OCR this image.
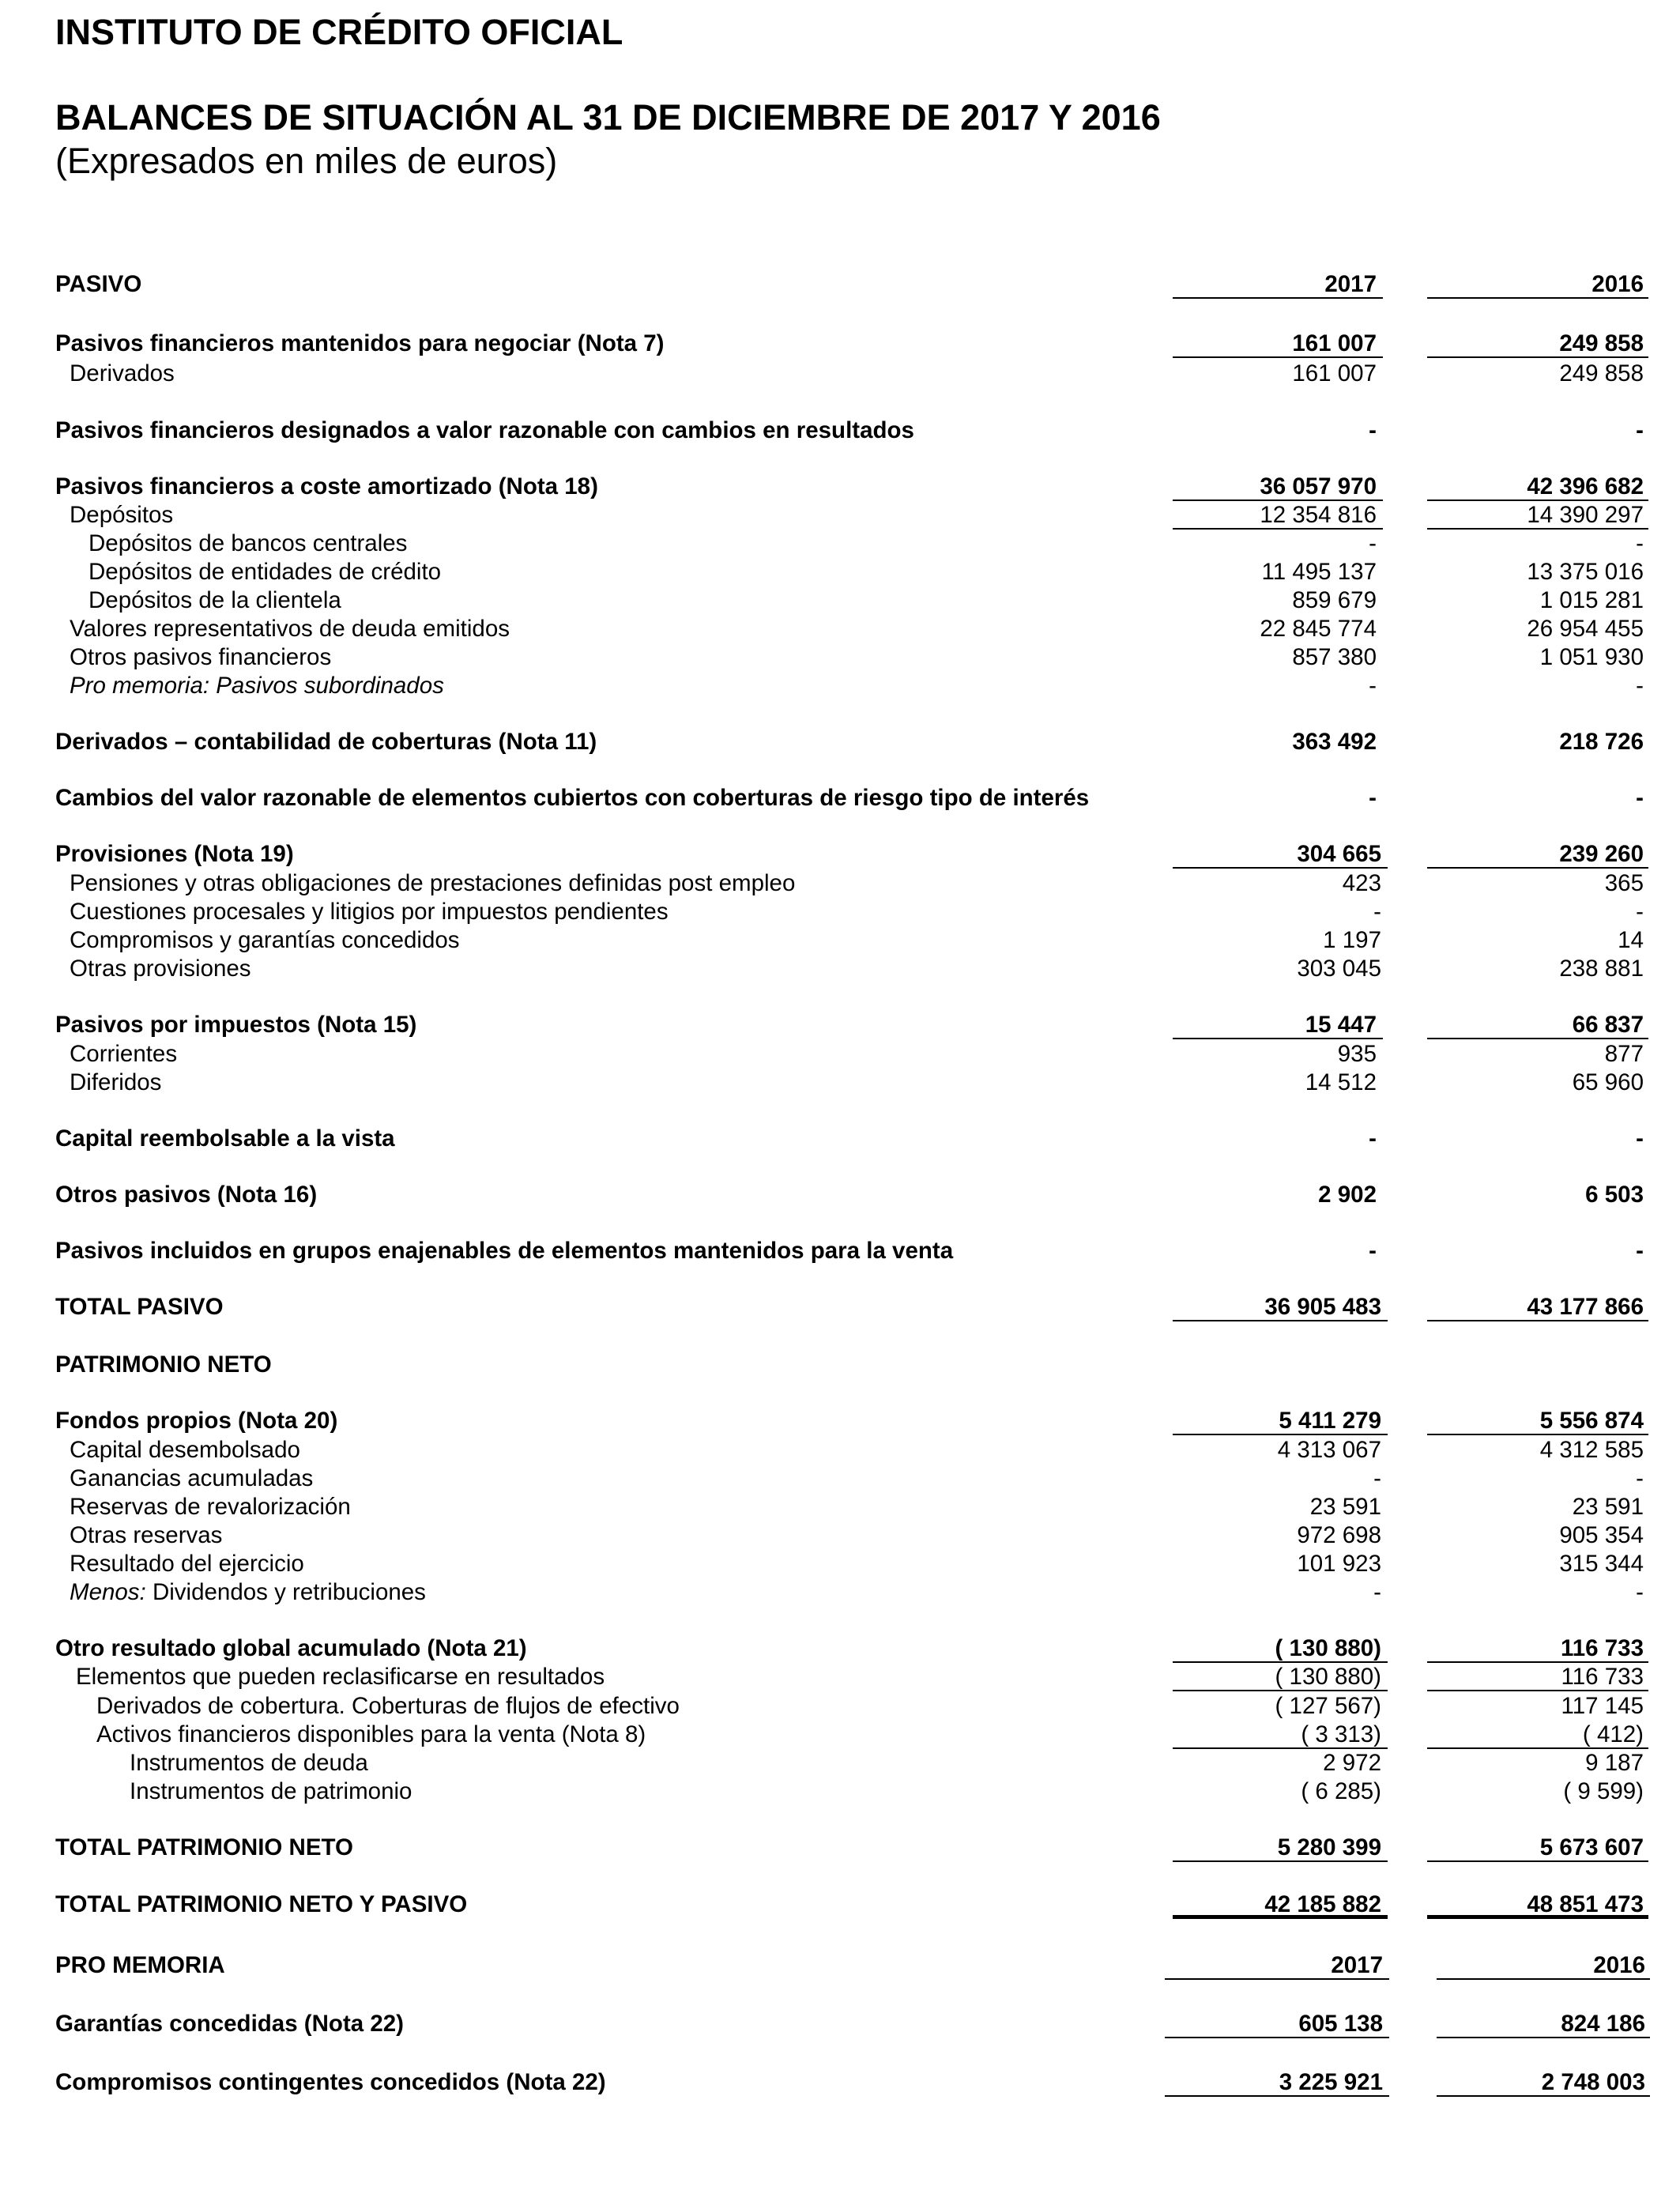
INSTITUTO DE CRÉDITO OFICIAL
BALANCES DE SITUACIÓN AL 31 DE DICIEMBRE DE 2017 Y 2016
(Expresados en miles de euros)
PASIVO	2017	2016
Pasivos financieros mantenidos para negociar (Nota 7)	161 007	249 858
Derivados	161 007	249 858
Pasivos financieros designados a valor razonable con cambios en resultados	-	-
Pasivos financieros a coste amortizado (Nota 18)	36 057 970	42 396 682
Depósitos	12 354 816	14 390 297
Depósitos de bancos centrales	-	-
Depósitos de entidades de crédito	11 495 137	13 375 016
Depósitos de la clientela	859 679	1 015 281
Valores representativos de deuda emitidos	22 845 774	26 954 455
Otros pasivos financieros	857 380	1 051 930
Pro memoria: Pasivos subordinados	-	-
Derivados – contabilidad de coberturas (Nota 11)	363 492	218 726
Cambios del valor razonable de elementos cubiertos con coberturas de riesgo tipo de interés	-	-
Provisiones (Nota 19)	304 665	239 260
Pensiones y otras obligaciones de prestaciones definidas post empleo	423	365
Cuestiones procesales y litigios por impuestos pendientes	-	-
Compromisos y garantías concedidos	1 197	14
Otras provisiones	303 045	238 881
Pasivos por impuestos (Nota 15)	15 447	66 837
Corrientes	935	877
Diferidos	14 512	65 960
Capital reembolsable a la vista	-	-
Otros pasivos (Nota 16)	2 902	6 503
Pasivos incluidos en grupos enajenables de elementos mantenidos para la venta	-	-
TOTAL PASIVO	36 905 483	43 177 866
PATRIMONIO NETO
Fondos propios (Nota 20)	5 411 279	5 556 874
Capital desembolsado	4 313 067	4 312 585
Ganancias acumuladas	-	-
Reservas de revalorización	23 591	23 591
Otras reservas	972 698	905 354
Resultado del ejercicio	101 923	315 344
Menos: Dividendos y retribuciones	-	-
Otro resultado global acumulado (Nota 21)	( 130 880)	116 733
Elementos que pueden reclasificarse en resultados	( 130 880)	116 733
Derivados de cobertura. Coberturas de flujos de efectivo	( 127 567)	117 145
Activos financieros disponibles para la venta (Nota 8)	( 3 313)	( 412)
Instrumentos de deuda	2 972	9 187
Instrumentos de patrimonio	( 6 285)	( 9 599)
TOTAL PATRIMONIO NETO	5 280 399	5 673 607
TOTAL PATRIMONIO NETO Y PASIVO	42 185 882	48 851 473
PRO MEMORIA	2017	2016
Garantías concedidas (Nota 22)	605 138	824 186
Compromisos contingentes concedidos (Nota 22)	3 225 921	2 748 003
